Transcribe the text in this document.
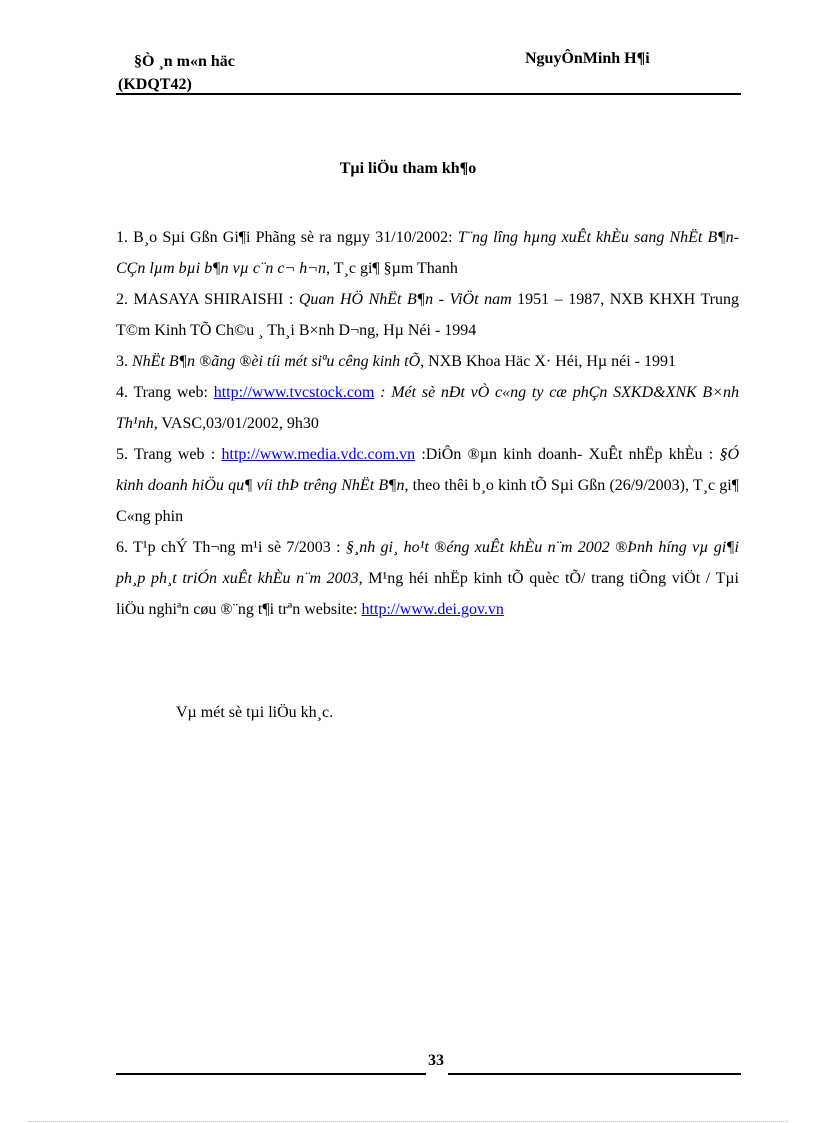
§Ò ¸n m«n häc
(KDQT42)
NguyÔnMinh H¶i
Tµi liÖu tham kh¶o

1. B¸o Sµi Gßn Gi¶i Phãng sè ra ngµy 31/10/2002: T¨ng lîng hµng xuÊt khÈu sang NhËt B¶n- CÇn lµm bµi b¶n vµ c¨n c¬ h¬n, T¸c gi¶ §µm Thanh

2. MASAYA SHIRAISHI : Quan HÖ NhËt B¶n - ViÖt nam 1951 – 1987, NXB KHXH Trung T©m Kinh TÕ Ch©u ¸ Th¸i B×nh D¬ng, Hµ Néi - 1994

3. NhËt B¶n ®ãng ®èi tíi mét siªu cêng kinh tÕ, NXB Khoa Häc X· Héi, Hµ néi - 1991

4. Trang web: http://www.tvcstock.com : Mét sè nÐt vÒ c«ng ty cæ phÇn SXKD&XNK B×nh Th¹nh, VASC,03/01/2002, 9h30

5. Trang web : http://www.media.vdc.com.vn :DiÔn ®µn kinh doanh- XuÊt nhËp khÈu : §Ó kinh doanh hiÖu qu¶ víi thÞ trêng NhËt B¶n, theo thêi b¸o kinh tÕ Sµi Gßn (26/9/2003), T¸c gi¶ C«ng phin

6. T¹p chÝ Th¬ng m¹i sè 7/2003 : §¸nh gi¸ ho¹t ®éng xuÊt khÈu n¨m 2002 ®Þnh híng vµ gi¶i ph¸p ph¸t triÓn xuÊt khÈu n¨m 2003, M¹ng héi nhËp kinh tÕ quèc tÕ/ trang tiÕng viÖt / Tµi liÖu nghiªn cøu ®¨ng t¶i trªn website: http://www.dei.gov.vn

Vµ mét sè tµi liÖu kh¸c.
33
